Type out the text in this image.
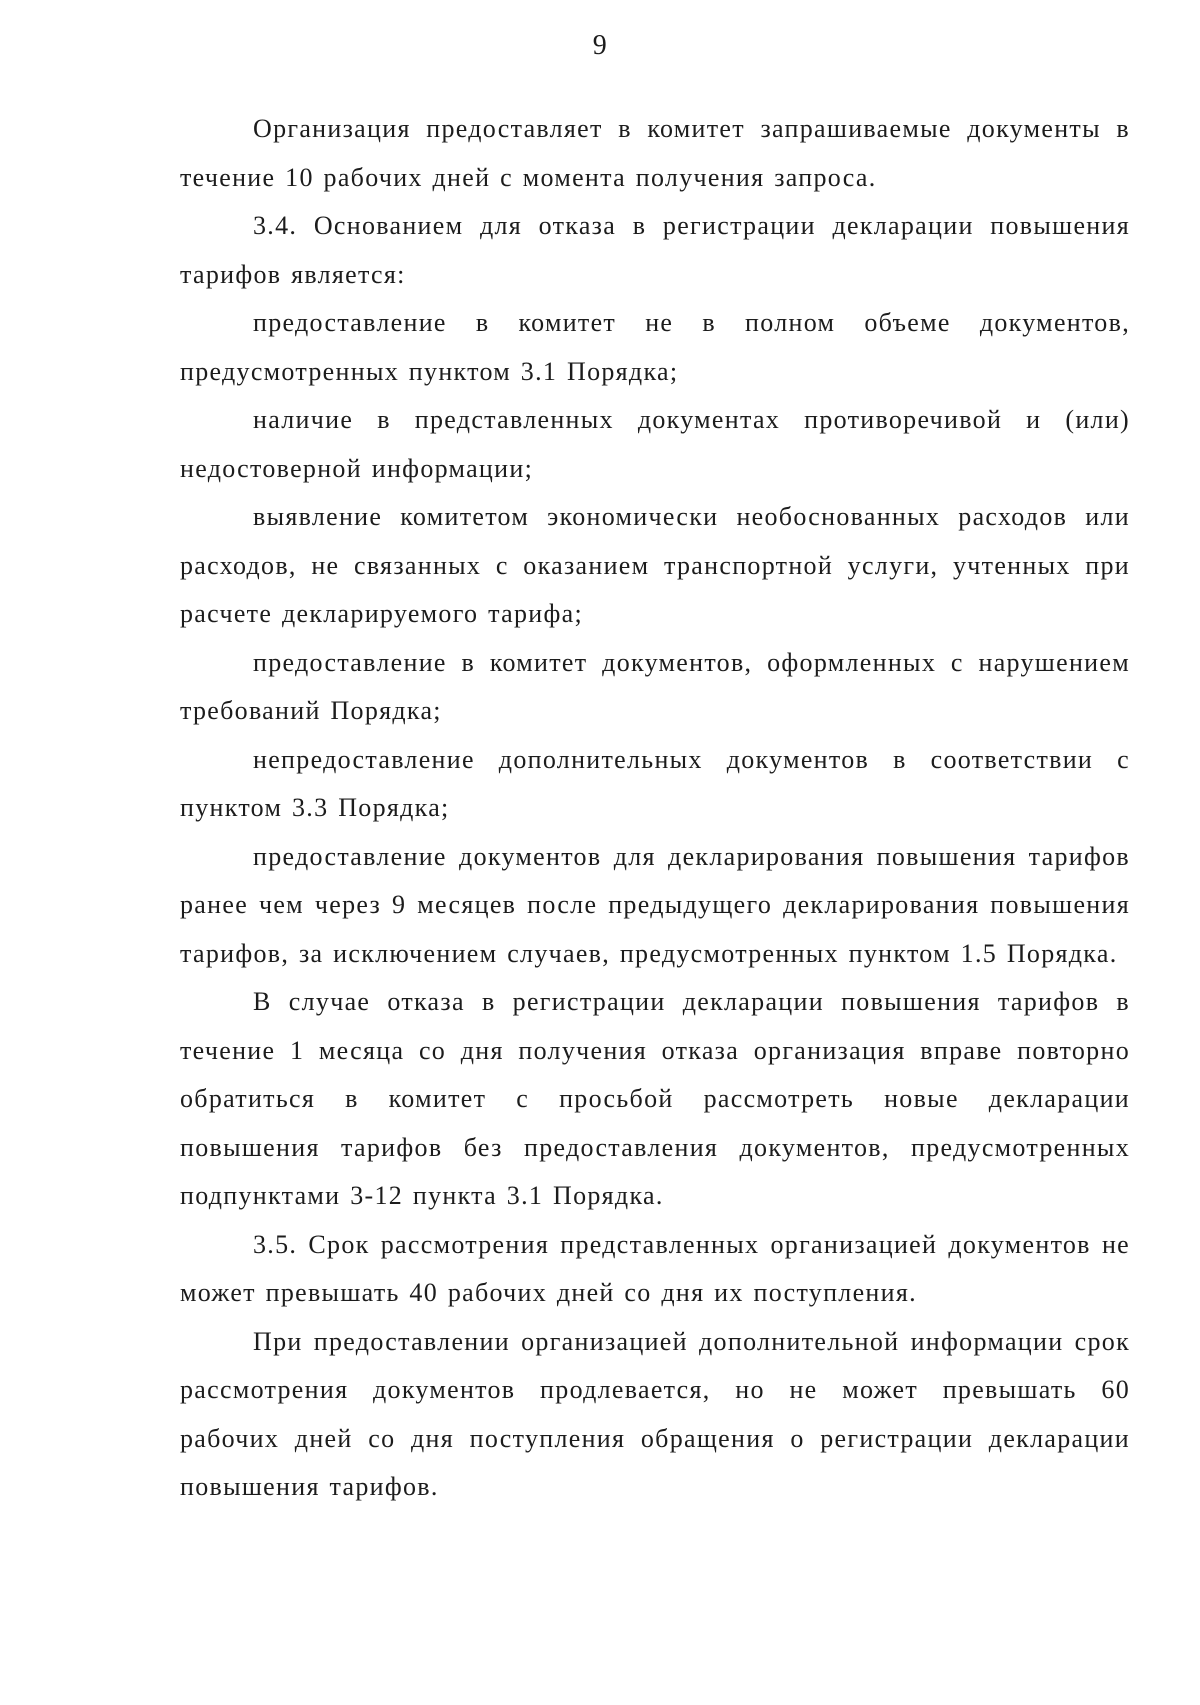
9

Организация предоставляет в комитет запрашиваемые документы в течение 10 рабочих дней с момента получения запроса.

3.4. Основанием для отказа в регистрации декларации повышения тарифов является:

предоставление в комитет не в полном объеме документов, предусмотренных пунктом 3.1 Порядка;

наличие в представленных документах противоречивой и (или) недостоверной информации;

выявление комитетом экономически необоснованных расходов или расходов, не связанных с оказанием транспортной услуги, учтенных при расчете декларируемого тарифа;

предоставление в комитет документов, оформленных с нарушением требований Порядка;

непредоставление дополнительных документов в соответствии с пунктом 3.3 Порядка;

предоставление документов для декларирования повышения тарифов ранее чем через 9 месяцев после предыдущего декларирования повышения тарифов, за исключением случаев, предусмотренных пунктом 1.5 Порядка.

В случае отказа в регистрации декларации повышения тарифов в течение 1 месяца со дня получения отказа организация вправе повторно обратиться в комитет с просьбой рассмотреть новые декларации повышения тарифов без предоставления документов, предусмотренных подпунктами 3-12 пункта 3.1 Порядка.

3.5. Срок рассмотрения представленных организацией документов не может превышать 40 рабочих дней со дня их поступления.

При предоставлении организацией дополнительной информации срок рассмотрения документов продлевается, но не может превышать 60 рабочих дней со дня поступления обращения о регистрации декларации повышения тарифов.
